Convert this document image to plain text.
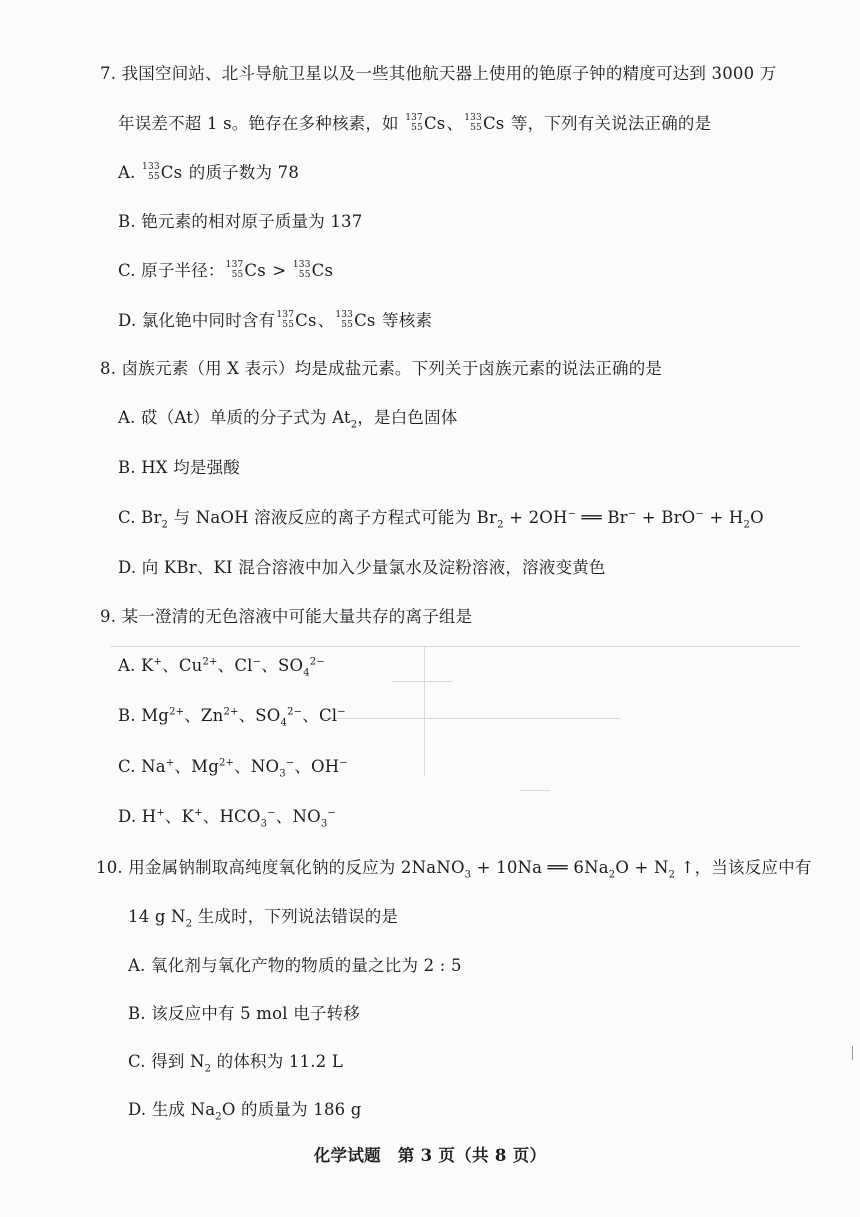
7. 我国空间站、北斗导航卫星以及一些其他航天器上使用的铯原子钟的精度可达到 3000 万
年误差不超 1 s。铯存在多种核素，如 137
55 Cs、 133
55 Cs 等，下列有关说法正确的是
A. 133
55 Cs 的质子数为 78
B. 铯元素的相对原子质量为 137
C. 原子半径： 137
55 Cs > 133
55 Cs
D. 氯化铯中同时含有 137
55 Cs、 133
55 Cs 等核素
8. 卤族元素（用 X 表示）均是成盐元素。下列关于卤族元素的说法正确的是
A. 砹（At）单质的分子式为 $At_2$，是白色固体
B. HX 均是强酸
C. $Br_2$ 与 NaOH 溶液反应的离子方程式可能为 $Br_2 + 2OH^-$ ══ $Br^- + BrO^- + H_2O$
D. 向 KBr、KI 混合溶液中加入少量氯水及淀粉溶液，溶液变黄色
9. 某一澄清的无色溶液中可能大量共存的离子组是
A. K+、$Cu^{2+}$、Cl−、$SO_4^{2-}$
B. $Mg^{2+}$、$Zn^{2+}$、$SO_4^{2-}$、Cl−
C. Na+、$Mg^{2+}$、$NO_3^-$、OH−
D. H+、K+、$HCO_3^-$、$NO_3^-$
10. 用金属钠制取高纯度氧化钠的反应为 2NaNO$_3$ + 10Na ══ $6Na_2O + N_2$ ↑，当该反应中有
14 g $N_2$ 生成时，下列说法错误的是
A. 氧化剂与氧化产物的物质的量之比为 2 : 5
B. 该反应中有 5 mol 电子转移
C. 得到 $N_2$ 的体积为 11.2 L
D. 生成 $Na_2O$ 的质量为 186 g
化学试题　第 3 页（共 8 页）
